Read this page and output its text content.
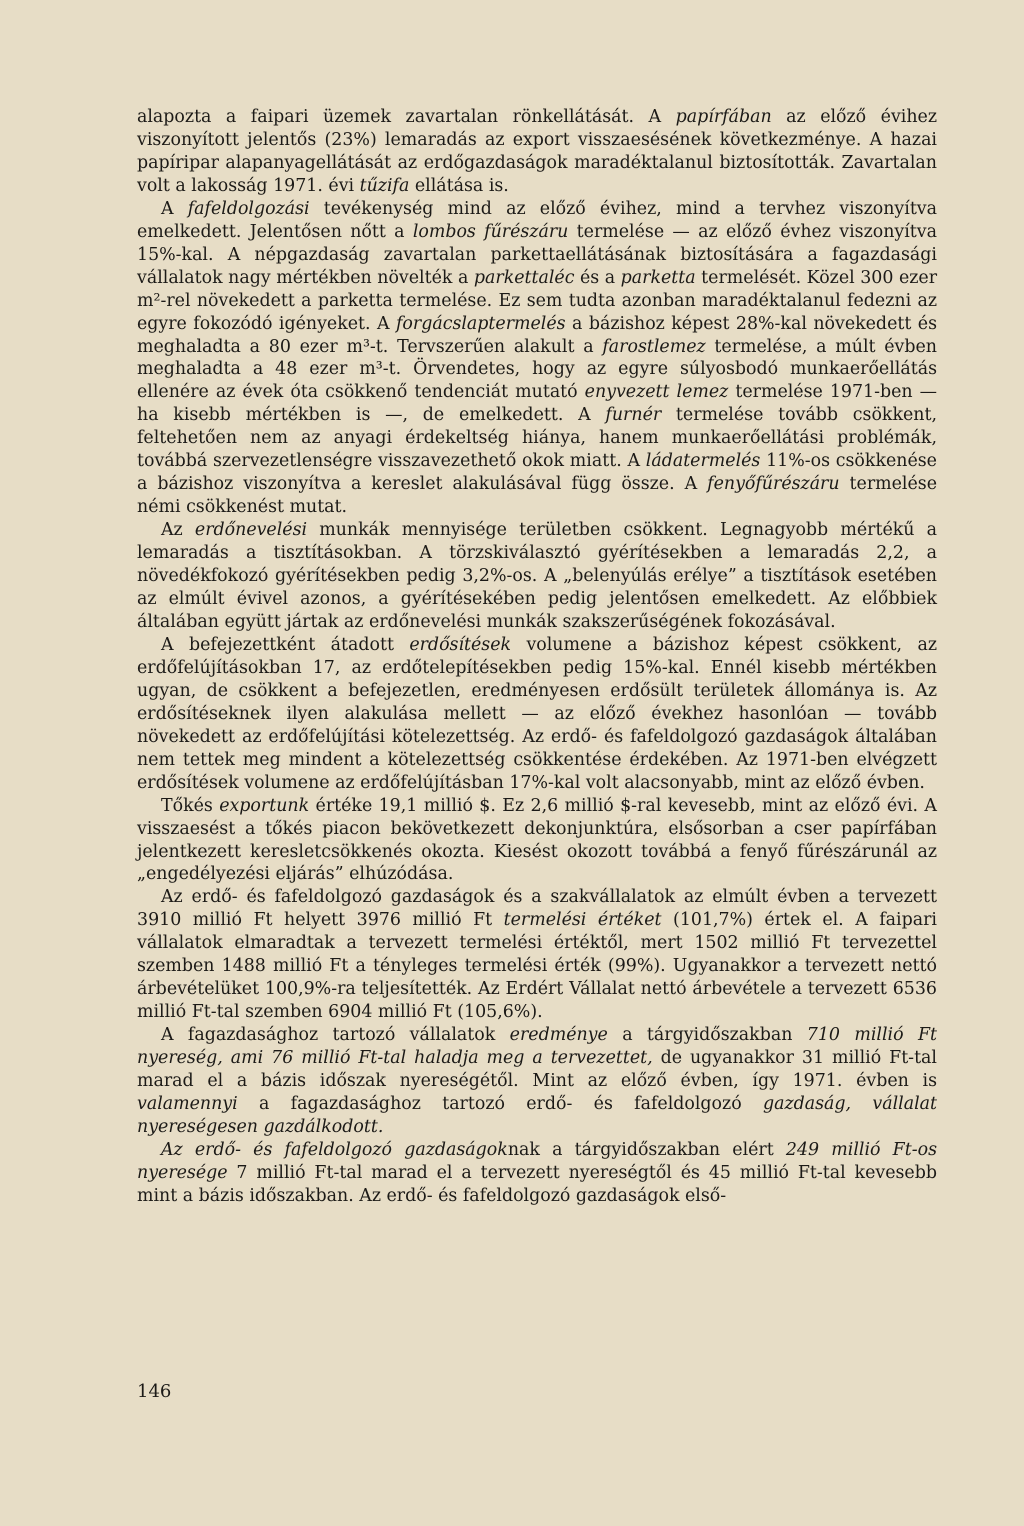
alapozta a faipari üzemek zavartalan rönkellátását. A papírfában az előző évihez viszonyított jelentős (23%) lemaradás az export visszaesésének következménye. A hazai papíripar alapanyagellátását az erdőgazdaságok maradéktalanul biztosították. Zavartalan volt a lakosság 1971. évi tűzifa ellátása is.

A fafeldolgozási tevékenység mind az előző évihez, mind a tervhez viszonyítva emelkedett. Jelentősen nőtt a lombos fűrészáru termelése — az előző évhez viszonyítva 15%-kal. A népgazdaság zavartalan parkettaellátásának biztosítására a fagazdasági vállalatok nagy mértékben növelték a parkettaléc és a parketta termelését. Közel 300 ezer m²-rel növekedett a parketta termelése. Ez sem tudta azonban maradéktalanul fedezni az egyre fokozódó igényeket. A forgácslaptermelés a bázishoz képest 28%-kal növekedett és meghaladta a 80 ezer m³-t. Tervszerűen alakult a farostlemez termelése, a múlt évben meghaladta a 48 ezer m³-t. Örvendetes, hogy az egyre súlyosbodó munkaerőellátás ellenére az évek óta csökkenő tendenciát mutató enyvezett lemez termelése 1971-ben — ha kisebb mértékben is —, de emelkedett. A furnér termelése tovább csökkent, feltehetően nem az anyagi érdekeltség hiánya, hanem munkaerőellátási problémák, továbbá szervezetlenségre visszavezethető okok miatt. A ládatermelés 11%-os csökkenése a bázishoz viszonyítva a kereslet alakulásával függ össze. A fenyőfűrészáru termelése némi csökkenést mutat.

Az erdőnevelési munkák mennyisége területben csökkent. Legnagyobb mértékű a lemaradás a tisztításokban. A törzskiválasztó gyérítésekben a lemaradás 2,2, a növedékfokozó gyérítésekben pedig 3,2%-os. A „belenyúlás erélye” a tisztítások esetében az elmúlt évivel azonos, a gyérítésekében pedig jelentősen emelkedett. Az előbbiek általában együtt jártak az erdőnevelési munkák szakszerűségének fokozásával.

A befejezettként átadott erdősítések volumene a bázishoz képest csökkent, az erdőfelújításokban 17, az erdőtelepítésekben pedig 15%-kal. Ennél kisebb mértékben ugyan, de csökkent a befejezetlen, eredményesen erdősült területek állománya is. Az erdősítéseknek ilyen alakulása mellett — az előző évekhez hasonlóan — tovább növekedett az erdőfelújítási kötelezettség. Az erdő- és fafeldolgozó gazdaságok általában nem tettek meg mindent a kötelezettség csökkentése érdekében. Az 1971-ben elvégzett erdősítések volumene az erdőfelújításban 17%-kal volt alacsonyabb, mint az előző évben.

Tőkés exportunk értéke 19,1 millió $. Ez 2,6 millió $-ral kevesebb, mint az előző évi. A visszaesést a tőkés piacon bekövetkezett dekonjunktúra, elsősorban a cser papírfában jelentkezett keresletcsökkenés okozta. Kiesést okozott továbbá a fenyő fűrészárunál az „engedélyezési eljárás” elhúzódása.

Az erdő- és fafeldolgozó gazdaságok és a szakvállalatok az elmúlt évben a tervezett 3910 millió Ft helyett 3976 millió Ft termelési értéket (101,7%) értek el. A faipari vállalatok elmaradtak a tervezett termelési értéktől, mert 1502 millió Ft tervezettel szemben 1488 millió Ft a tényleges termelési érték (99%). Ugyanakkor a tervezett nettó árbevételüket 100,9%-ra teljesítették. Az Erdért Vállalat nettó árbevétele a tervezett 6536 millió Ft-tal szemben 6904 millió Ft (105,6%).

A fagazdasághoz tartozó vállalatok eredménye a tárgyidőszakban 710 millió Ft nyereség, ami 76 millió Ft-tal haladja meg a tervezettet, de ugyanakkor 31 millió Ft-tal marad el a bázis időszak nyereségétől. Mint az előző évben, így 1971. évben is valamennyi a fagazdasághoz tartozó erdő- és fafeldolgozó gazdaság, vállalat nyereségesen gazdálkodott.

Az erdő- és fafeldolgozó gazdaságoknak a tárgyidőszakban elért 249 millió Ft-os nyeresége 7 millió Ft-tal marad el a tervezett nyereségtől és 45 millió Ft-tal kevesebb mint a bázis időszakban. Az erdő- és fafeldolgozó gazdaságok első-

146
